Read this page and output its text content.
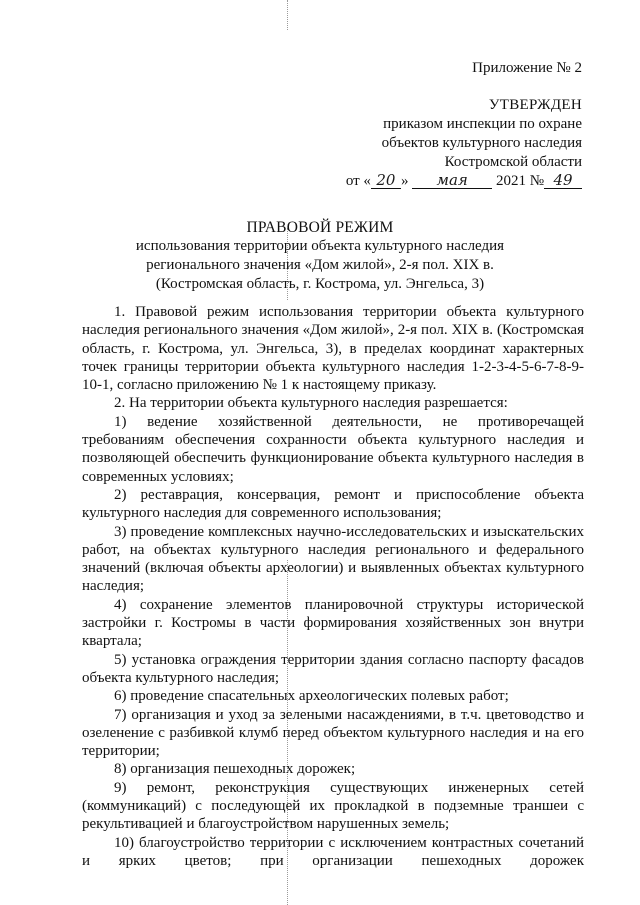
Приложение № 2
УТВЕРЖДЕН
приказом инспекции по охране
объектов культурного наследия
Костромской области
от « 20 » мая 2021 № 49
ПРАВОВОЙ РЕЖИМ
использования территории объекта культурного наследия
регионального значения «Дом жилой», 2-я пол. XIX в.
(Костромская область, г. Кострома, ул. Энгельса, 3)

1. Правовой режим использования территории объекта культурного наследия регионального значения «Дом жилой», 2-я пол. XIX в. (Костромская область, г. Кострома, ул. Энгельса, 3), в пределах координат характерных точек границы территории объекта культурного наследия 1-2-3-4-5-6-7-8-9-10-1, согласно приложению № 1 к настоящему приказу.

2. На территории объекта культурного наследия разрешается:

1) ведение хозяйственной деятельности, не противоречащей требованиям обеспечения сохранности объекта культурного наследия и позволяющей обеспечить функционирование объекта культурного наследия в современных условиях;

2) реставрация, консервация, ремонт и приспособление объекта культурного наследия для современного использования;

3) проведение комплексных научно-исследовательских и изыскательских работ, на объектах культурного наследия регионального и федерального значений (включая объекты археологии) и выявленных объектах культурного наследия;

4) сохранение элементов планировочной структуры исторической застройки г. Костромы в части формирования хозяйственных зон внутри квартала;

5) установка ограждения территории здания согласно паспорту фасадов объекта культурного наследия;

6) проведение спасательных археологических полевых работ;

7) организация и уход за зелеными насаждениями, в т.ч. цветоводство и озеленение с разбивкой клумб перед объектом культурного наследия и на его территории;

8) организация пешеходных дорожек;

9) ремонт, реконструкция существующих инженерных сетей (коммуникаций) с последующей их прокладкой в подземные траншеи с рекультивацией и благоустройством нарушенных земель;

10) благоустройство территории с исключением контрастных сочетаний и ярких цветов; при организации пешеходных дорожек
